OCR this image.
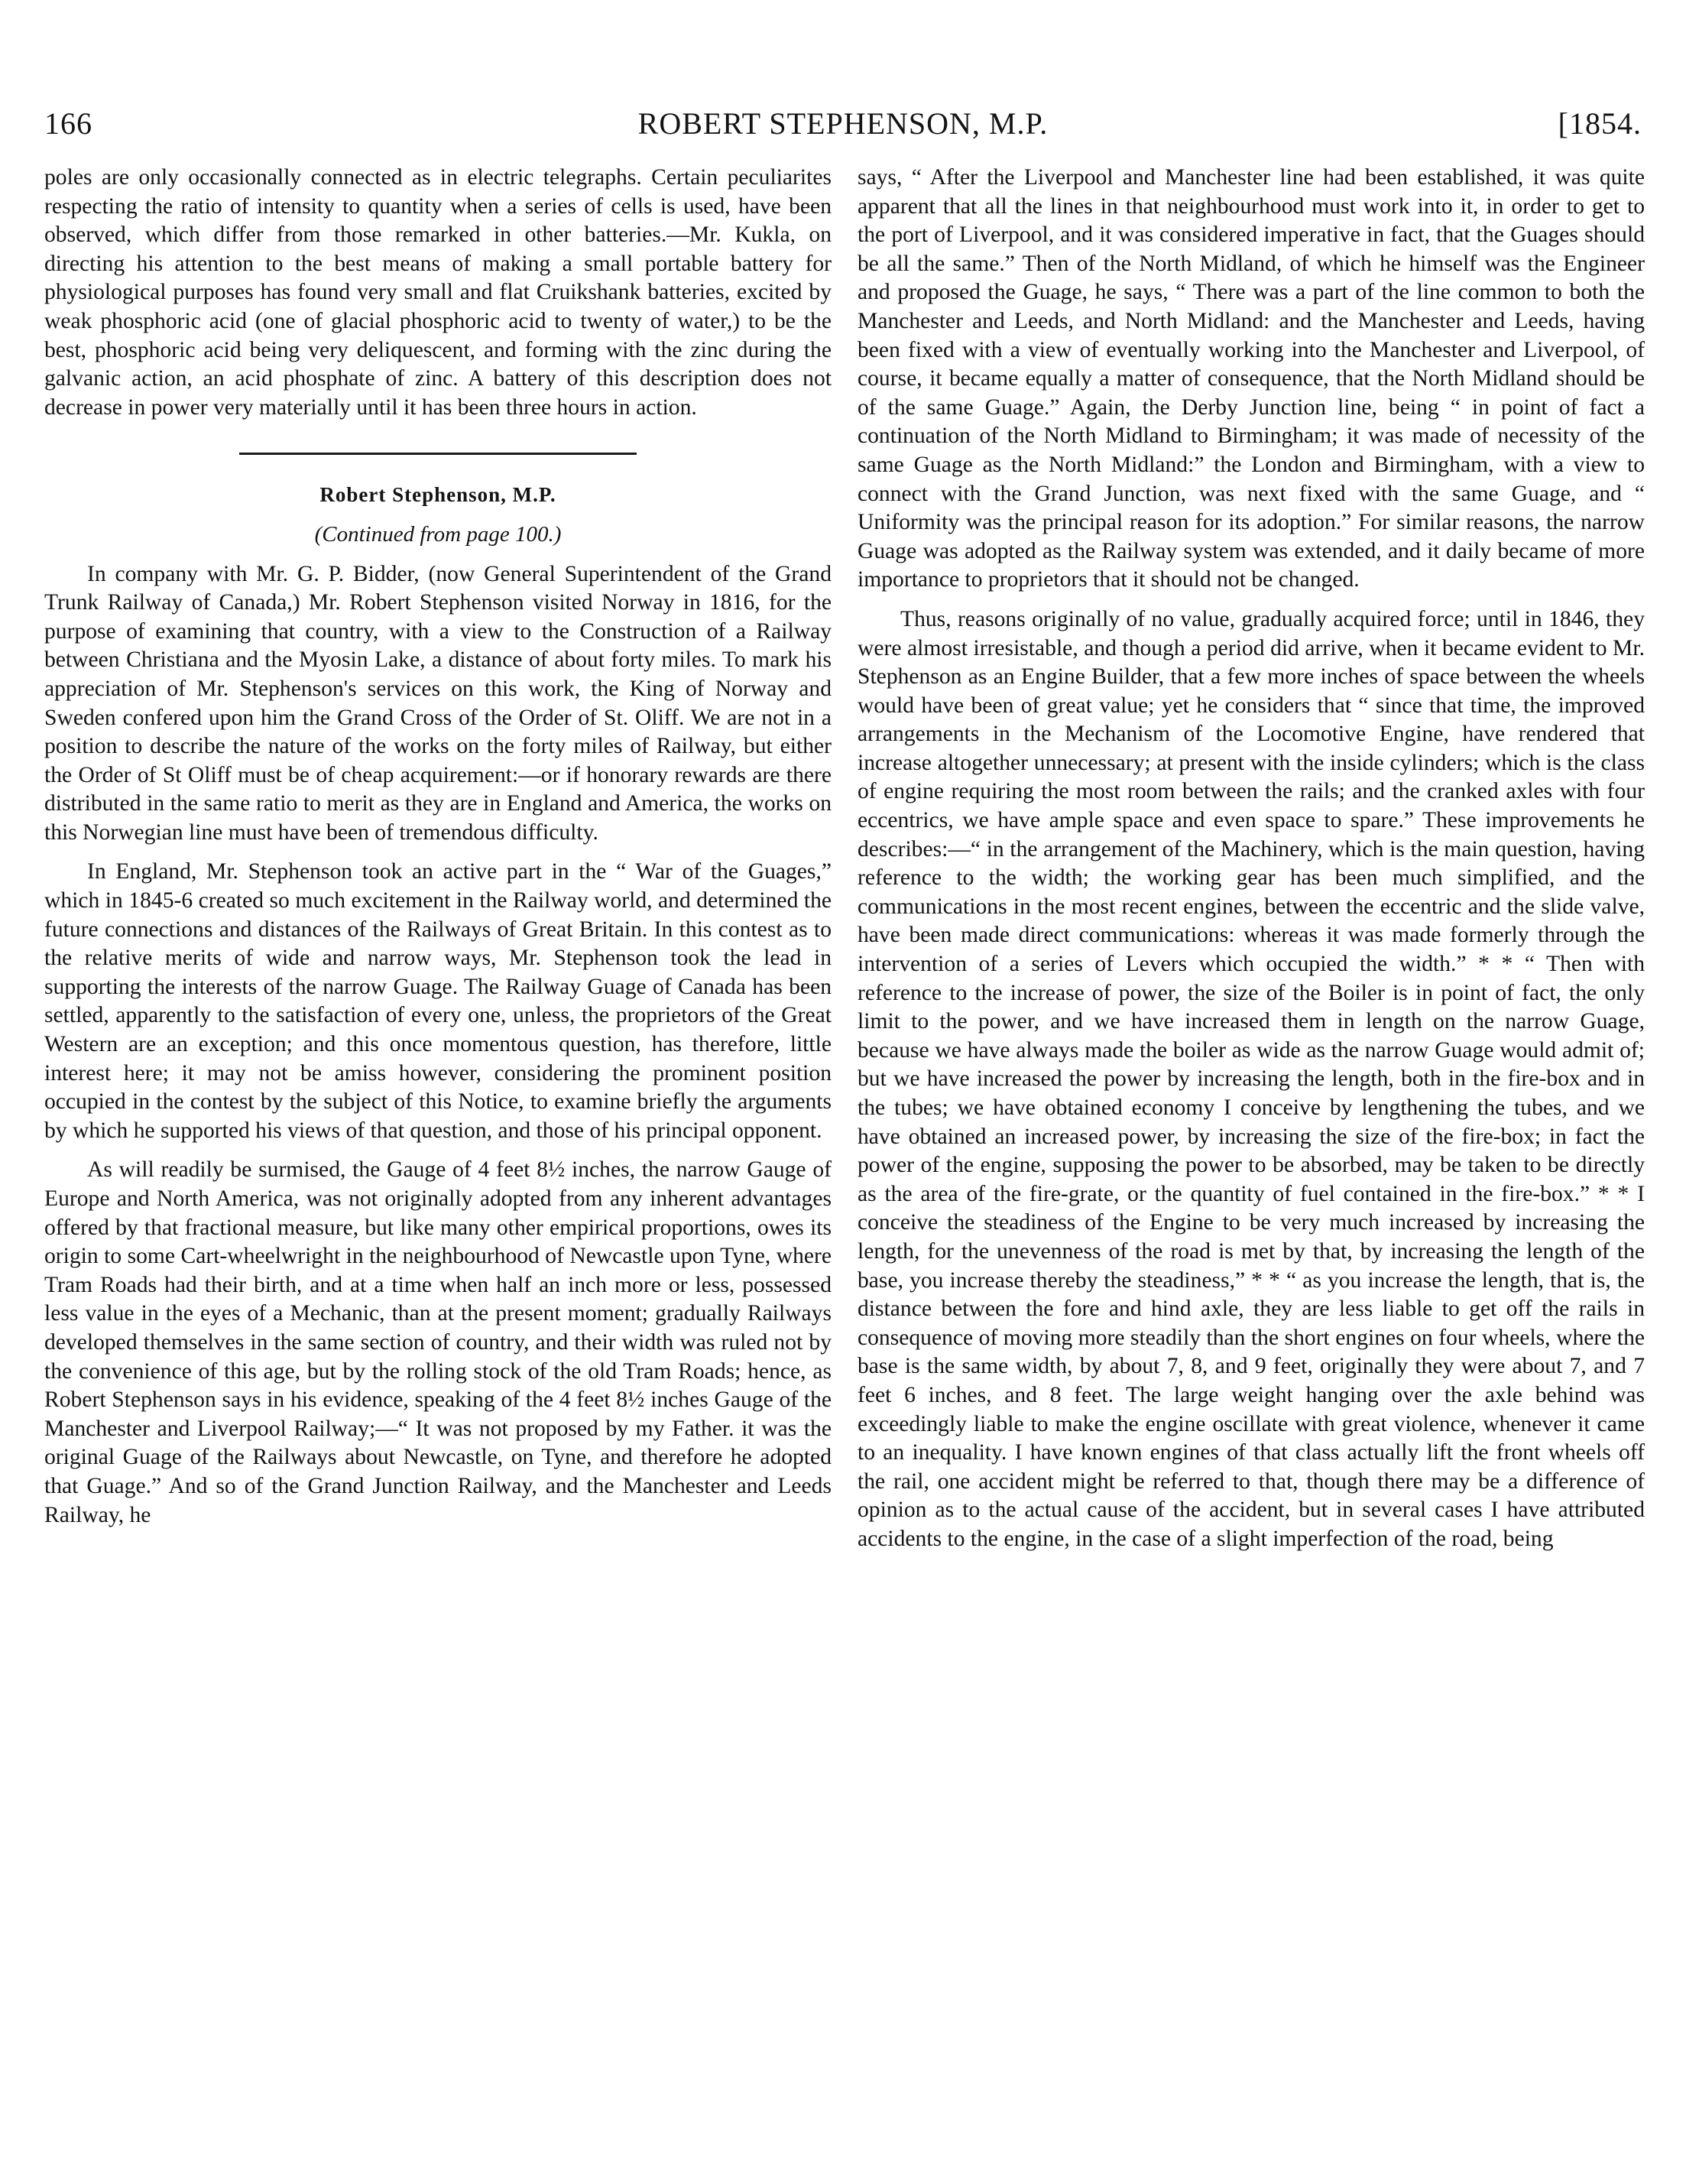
166	ROBERT STEPHENSON, M.P.	[1854.

poles are only occasionally connected as in electric telegraphs. Certain peculiarites respecting the ratio of intensity to quantity when a series of cells is used, have been observed, which differ from those remarked in other batteries.—Mr. Kukla, on directing his attention to the best means of making a small portable battery for physiological purposes has found very small and flat Cruikshank batteries, excited by weak phosphoric acid (one of glacial phosphoric acid to twenty of water,) to be the best, phosphoric acid being very deliquescent, and forming with the zinc during the galvanic action, an acid phosphate of zinc. A battery of this description does not decrease in power very materially until it has been three hours in action.

Robert Stephenson, M.P.

(Continued from page 100.)

In company with Mr. G. P. Bidder, (now General Superintendent of the Grand Trunk Railway of Canada,) Mr. Robert Stephenson visited Norway in 1816, for the purpose of examining that country, with a view to the Construction of a Railway between Christiana and the Myosin Lake, a distance of about forty miles. To mark his appreciation of Mr. Stephenson's services on this work, the King of Norway and Sweden confered upon him the Grand Cross of the Order of St. Oliff. We are not in a position to describe the nature of the works on the forty miles of Railway, but either the Order of St Oliff must be of cheap acquirement:—or if honorary rewards are there distributed in the same ratio to merit as they are in England and America, the works on this Norwegian line must have been of tremendous difficulty.

In England, Mr. Stephenson took an active part in the “ War of the Guages,” which in 1845-6 created so much excitement in the Railway world, and determined the future connections and distances of the Railways of Great Britain. In this contest as to the relative merits of wide and narrow ways, Mr. Stephenson took the lead in supporting the interests of the narrow Guage. The Railway Guage of Canada has been settled, apparently to the satisfaction of every one, unless, the proprietors of the Great Western are an exception; and this once momentous question, has therefore, little interest here; it may not be amiss however, considering the prominent position occupied in the contest by the subject of this Notice, to examine briefly the arguments by which he supported his views of that question, and those of his principal opponent.

As will readily be surmised, the Gauge of 4 feet 8½ inches, the narrow Gauge of Europe and North America, was not originally adopted from any inherent advantages offered by that fractional measure, but like many other empirical proportions, owes its origin to some Cart-wheelwright in the neighbourhood of Newcastle upon Tyne, where Tram Roads had their birth, and at a time when half an inch more or less, possessed less value in the eyes of a Mechanic, than at the present moment; gradually Railways developed themselves in the same section of country, and their width was ruled not by the convenience of this age, but by the rolling stock of the old Tram Roads; hence, as Robert Stephenson says in his evidence, speaking of the 4 feet 8½ inches Gauge of the Manchester and Liverpool Railway;—“ It was not proposed by my Father. it was the original Guage of the Railways about Newcastle, on Tyne, and therefore he adopted that Guage.” And so of the Grand Junction Railway, and the Manchester and Leeds Railway, he

says, “ After the Liverpool and Manchester line had been established, it was quite apparent that all the lines in that neighbourhood must work into it, in order to get to the port of Liverpool, and it was considered imperative in fact, that the Guages should be all the same.” Then of the North Midland, of which he himself was the Engineer and proposed the Guage, he says, “ There was a part of the line common to both the Manchester and Leeds, and North Midland: and the Manchester and Leeds, having been fixed with a view of eventually working into the Manchester and Liverpool, of course, it became equally a matter of consequence, that the North Midland should be of the same Guage.” Again, the Derby Junction line, being “ in point of fact a continuation of the North Midland to Birmingham; it was made of necessity of the same Guage as the North Midland:” the London and Birmingham, with a view to connect with the Grand Junction, was next fixed with the same Guage, and “ Uniformity was the principal reason for its adoption.” For similar reasons, the narrow Guage was adopted as the Railway system was extended, and it daily became of more importance to proprietors that it should not be changed.

Thus, reasons originally of no value, gradually acquired force; until in 1846, they were almost irresistable, and though a period did arrive, when it became evident to Mr. Stephenson as an Engine Builder, that a few more inches of space between the wheels would have been of great value; yet he considers that “ since that time, the improved arrangements in the Mechanism of the Locomotive Engine, have rendered that increase altogether unnecessary; at present with the inside cylinders; which is the class of engine requiring the most room between the rails; and the cranked axles with four eccentrics, we have ample space and even space to spare.” These improvements he describes:—“ in the arrangement of the Machinery, which is the main question, having reference to the width; the working gear has been much simplified, and the communications in the most recent engines, between the eccentric and the slide valve, have been made direct communications: whereas it was made formerly through the intervention of a series of Levers which occupied the width.” * * “ Then with reference to the increase of power, the size of the Boiler is in point of fact, the only limit to the power, and we have increased them in length on the narrow Guage, because we have always made the boiler as wide as the narrow Guage would admit of; but we have increased the power by increasing the length, both in the fire-box and in the tubes; we have obtained economy I conceive by lengthening the tubes, and we have obtained an increased power, by increasing the size of the fire-box; in fact the power of the engine, supposing the power to be absorbed, may be taken to be directly as the area of the fire-grate, or the quantity of fuel contained in the fire-box.” * * I conceive the steadiness of the Engine to be very much increased by increasing the length, for the unevenness of the road is met by that, by increasing the length of the base, you increase thereby the steadiness,” * * “ as you increase the length, that is, the distance between the fore and hind axle, they are less liable to get off the rails in consequence of moving more steadily than the short engines on four wheels, where the base is the same width, by about 7, 8, and 9 feet, originally they were about 7, and 7 feet 6 inches, and 8 feet. The large weight hanging over the axle behind was exceedingly liable to make the engine oscillate with great violence, whenever it came to an inequality. I have known engines of that class actually lift the front wheels off the rail, one accident might be referred to that, though there may be a difference of opinion as to the actual cause of the accident, but in several cases I have attributed accidents to the engine, in the case of a slight imperfection of the road, being
